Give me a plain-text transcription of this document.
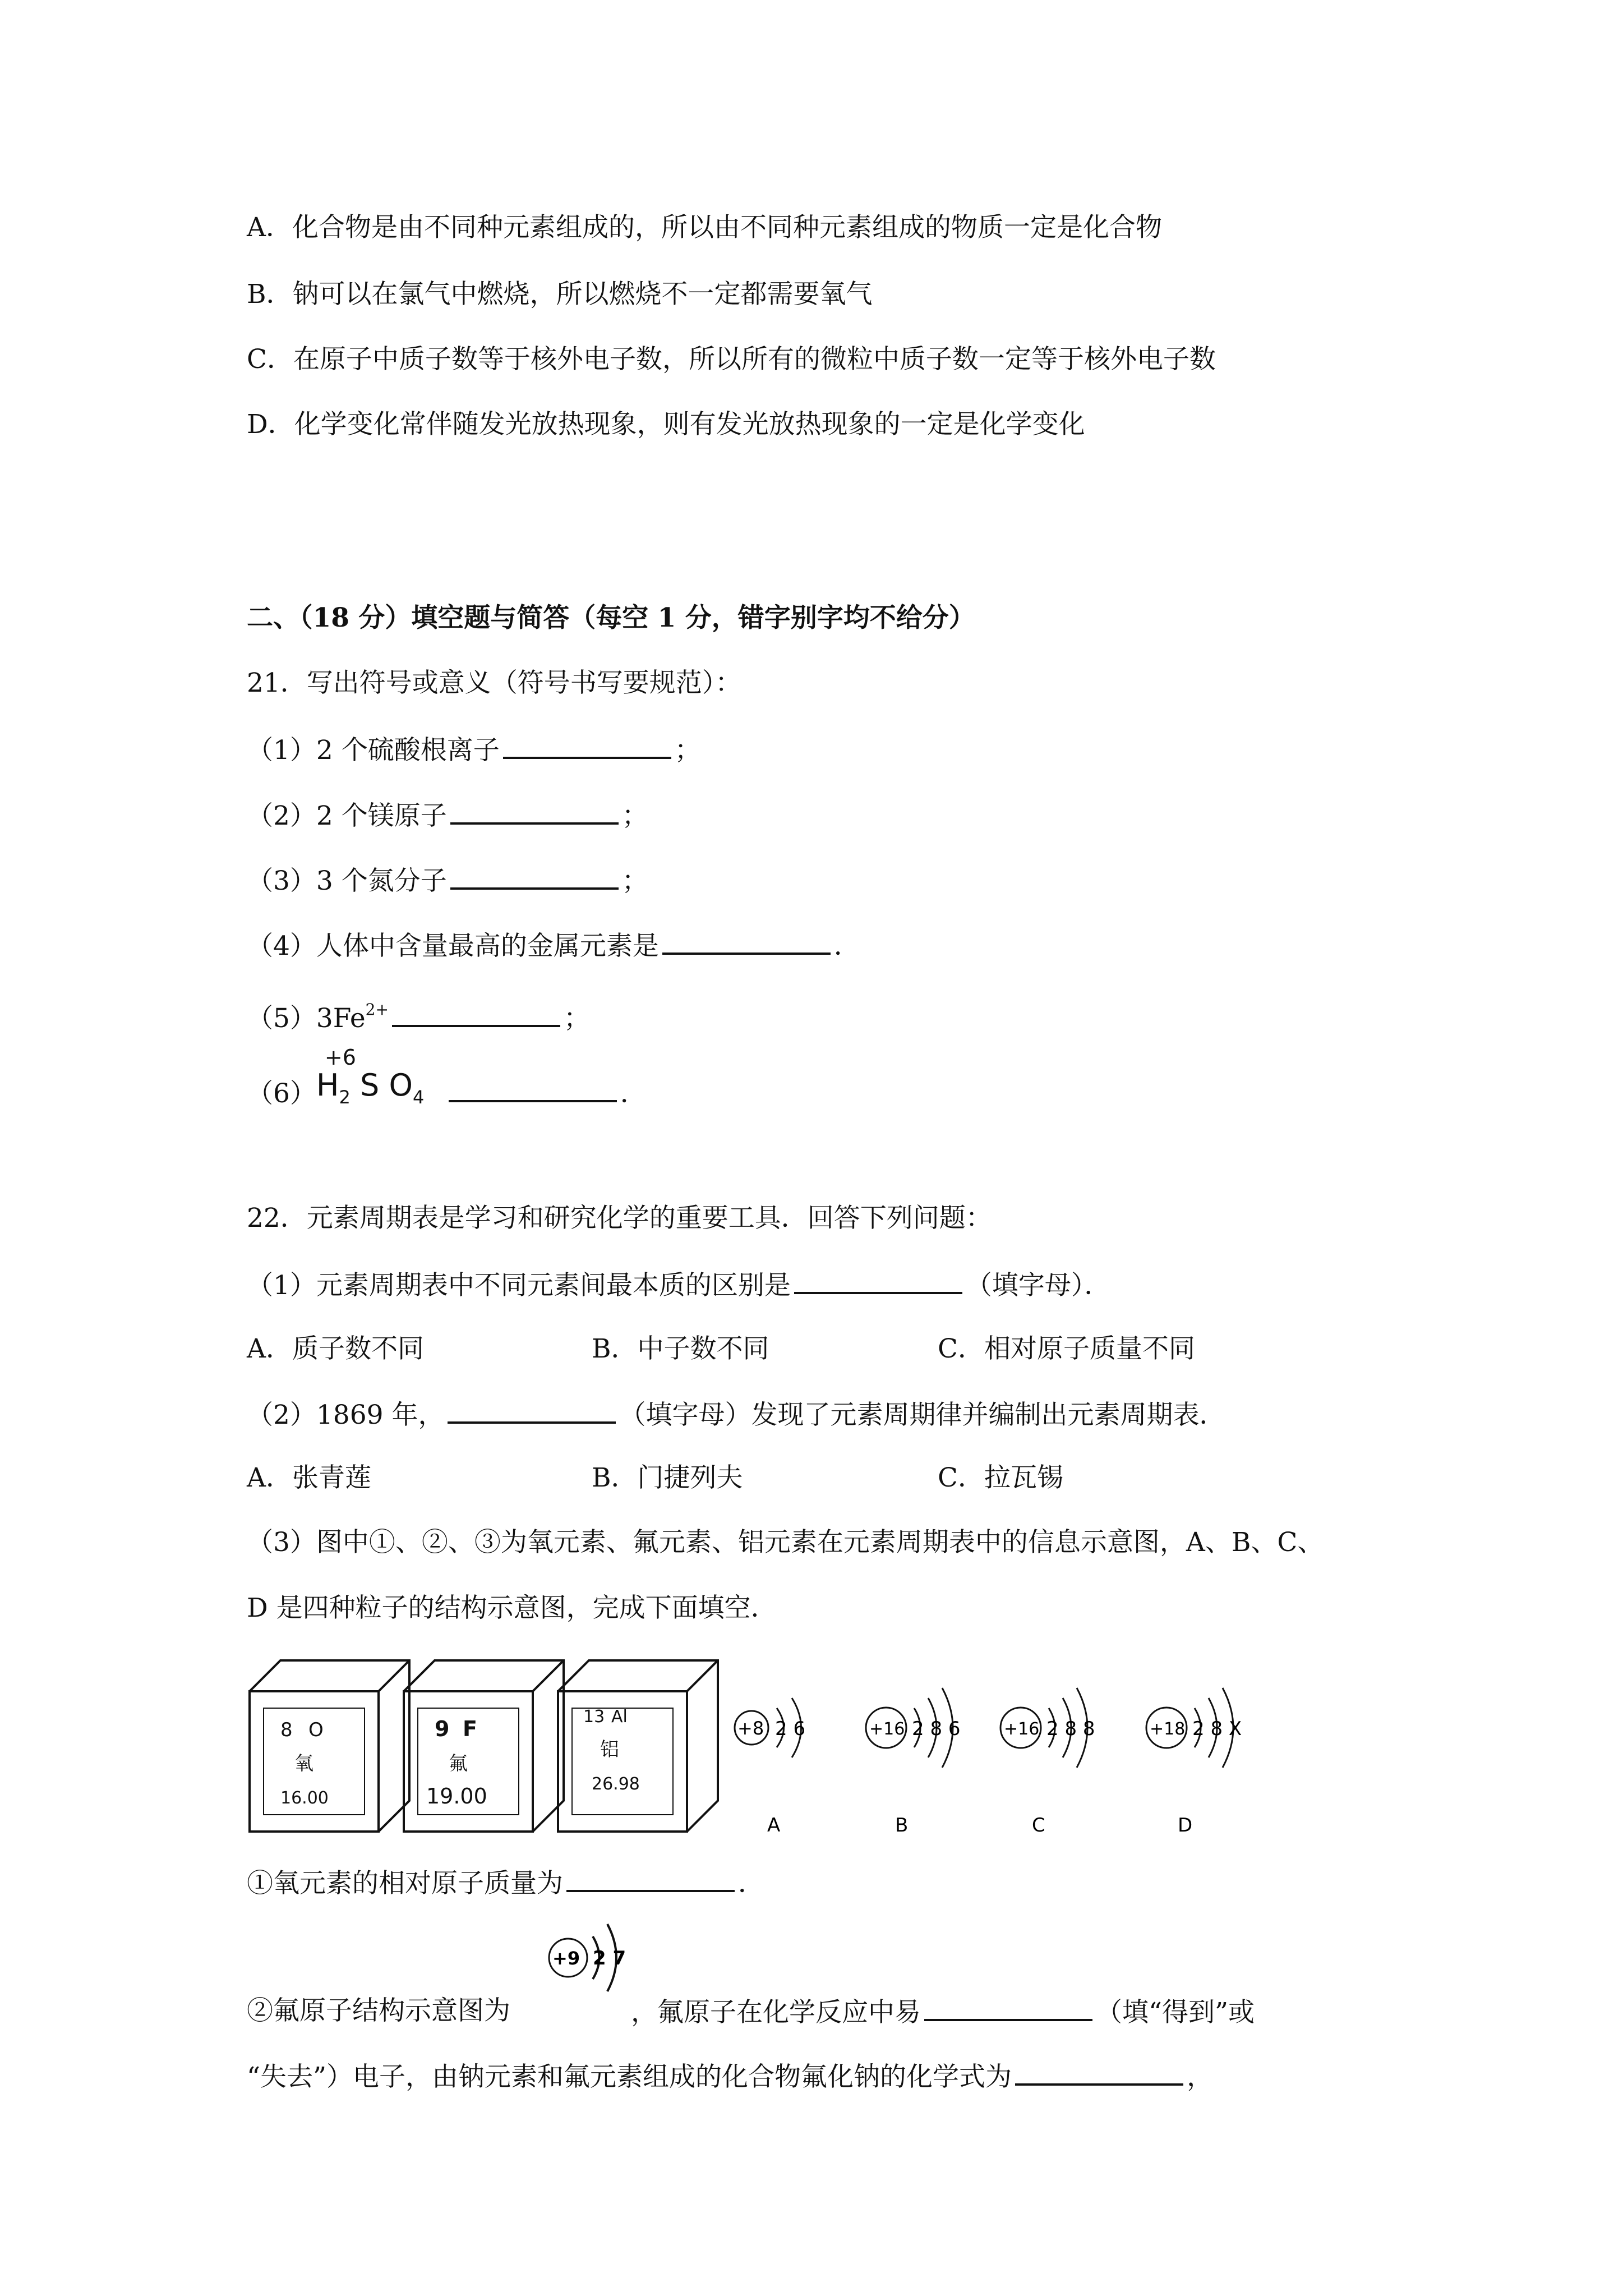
A．化合物是由不同种元素组成的，所以由不同种元素组成的物质一定是化合物
B．钠可以在氯气中燃烧，所以燃烧不一定都需要氧气
C．在原子中质子数等于核外电子数，所以所有的微粒中质子数一定等于核外电子数
D．化学变化常伴随发光放热现象，则有发光放热现象的一定是化学变化
二、（18 分）填空题与简答（每空 1 分，错字别字均不给分）
21．写出符号或意义（符号书写要规范）：
（1）2 个硫酸根离子	；
（2）2 个镁原子	；
（3）3 个氮分子	；
（4）人体中含量最高的金属元素是	．
$(5)3Fe^{2+}$	；
（6）
+6
$H_2$ S $O_4$	．
22．元素周期表是学习和研究化学的重要工具．回答下列问题：
（1）元素周期表中不同元素间最本质的区别是	（填字母）．
A．质子数不同	B．中子数不同	C．相对原子质量不同
（2）1869 年，	（填字母）发现了元素周期律并编制出元素周期表．
A．张青莲	B．门捷列夫	C．拉瓦锡
（3）图中①、②、③为氧元素、氟元素、铝元素在元素周期表中的信息示意图，A、B、C、
D 是四种粒子的结构示意图，完成下面填空．
8 O
氧
16.00
9 F
氟
19.00
13 Al
铝
26.98
+8 2 6
A
+16 2 8 6
B
+16 2 8 8
C
+18 2 8 X
D
①氧元素的相对原子质量为	．
+9 2 7
②氟原子结构示意图为	，氟原子在化学反应中易	（填“得到”或
“失去”）电子，由钠元素和氟元素组成的化合物氟化钠的化学式为	，
